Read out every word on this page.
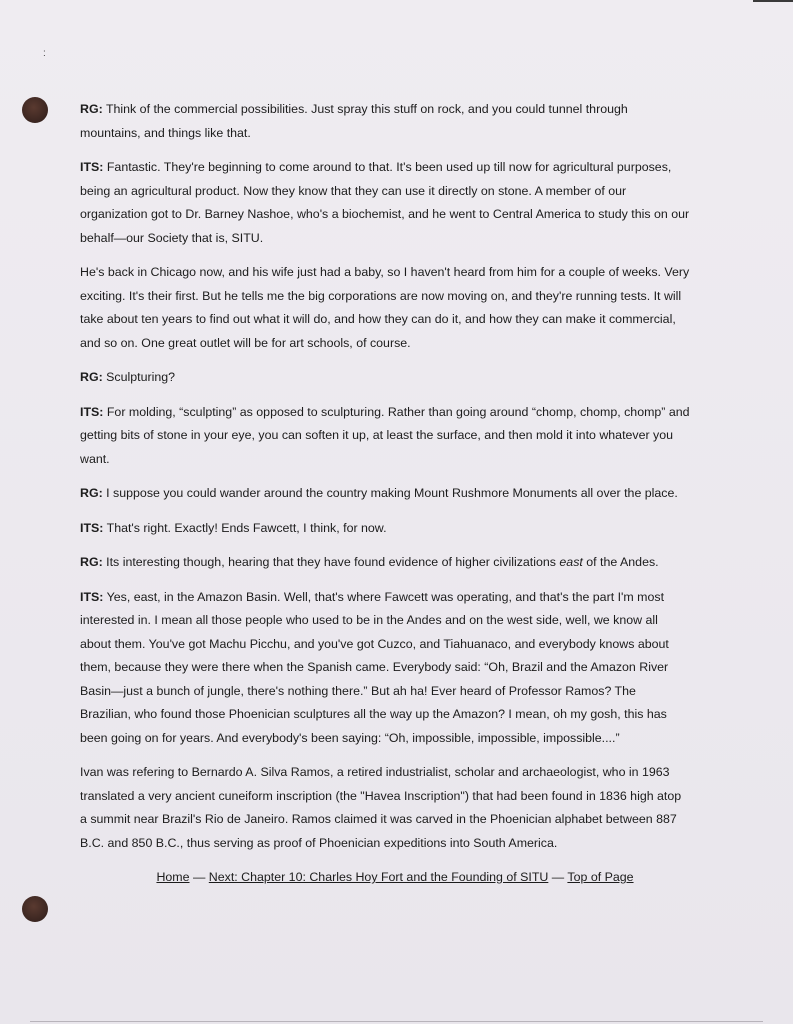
:

RG: Think of the commercial possibilities. Just spray this stuff on rock, and you could tunnel through mountains, and things like that.

ITS: Fantastic. They're beginning to come around to that. It's been used up till now for agricultural purposes, being an agricultural product. Now they know that they can use it directly on stone. A member of our organization got to Dr. Barney Nashoe, who's a biochemist, and he went to Central America to study this on our behalf—our Society that is, SITU.

He's back in Chicago now, and his wife just had a baby, so I haven't heard from him for a couple of weeks. Very exciting. It's their first. But he tells me the big corporations are now moving on, and they're running tests. It will take about ten years to find out what it will do, and how they can do it, and how they can make it commercial, and so on. One great outlet will be for art schools, of course.

RG: Sculpturing?

ITS: For molding, “sculpting” as opposed to sculpturing. Rather than going around “chomp, chomp, chomp” and getting bits of stone in your eye, you can soften it up, at least the surface, and then mold it into whatever you want.

RG: I suppose you could wander around the country making Mount Rushmore Monuments all over the place.

ITS: That's right. Exactly! Ends Fawcett, I think, for now.

RG: Its interesting though, hearing that they have found evidence of higher civilizations east of the Andes.

ITS: Yes, east, in the Amazon Basin. Well, that's where Fawcett was operating, and that's the part I'm most interested in. I mean all those people who used to be in the Andes and on the west side, well, we know all about them. You've got Machu Picchu, and you've got Cuzco, and Tiahuanaco, and everybody knows about them, because they were there when the Spanish came. Everybody said: “Oh, Brazil and the Amazon River Basin—just a bunch of jungle, there's nothing there.” But ah ha! Ever heard of Professor Ramos? The Brazilian, who found those Phoenician sculptures all the way up the Amazon? I mean, oh my gosh, this has been going on for years. And everybody's been saying: “Oh, impossible, impossible, impossible....”

Ivan was refering to Bernardo A. Silva Ramos, a retired industrialist, scholar and archaeologist, who in 1963 translated a very ancient cuneiform inscription (the "Havea Inscription") that had been found in 1836 high atop a summit near Brazil's Rio de Janeiro. Ramos claimed it was carved in the Phoenician alphabet between 887 B.C. and 850 B.C., thus serving as proof of Phoenician expeditions into South America.

Home — Next: Chapter 10: Charles Hoy Fort and the Founding of SITU — Top of Page
